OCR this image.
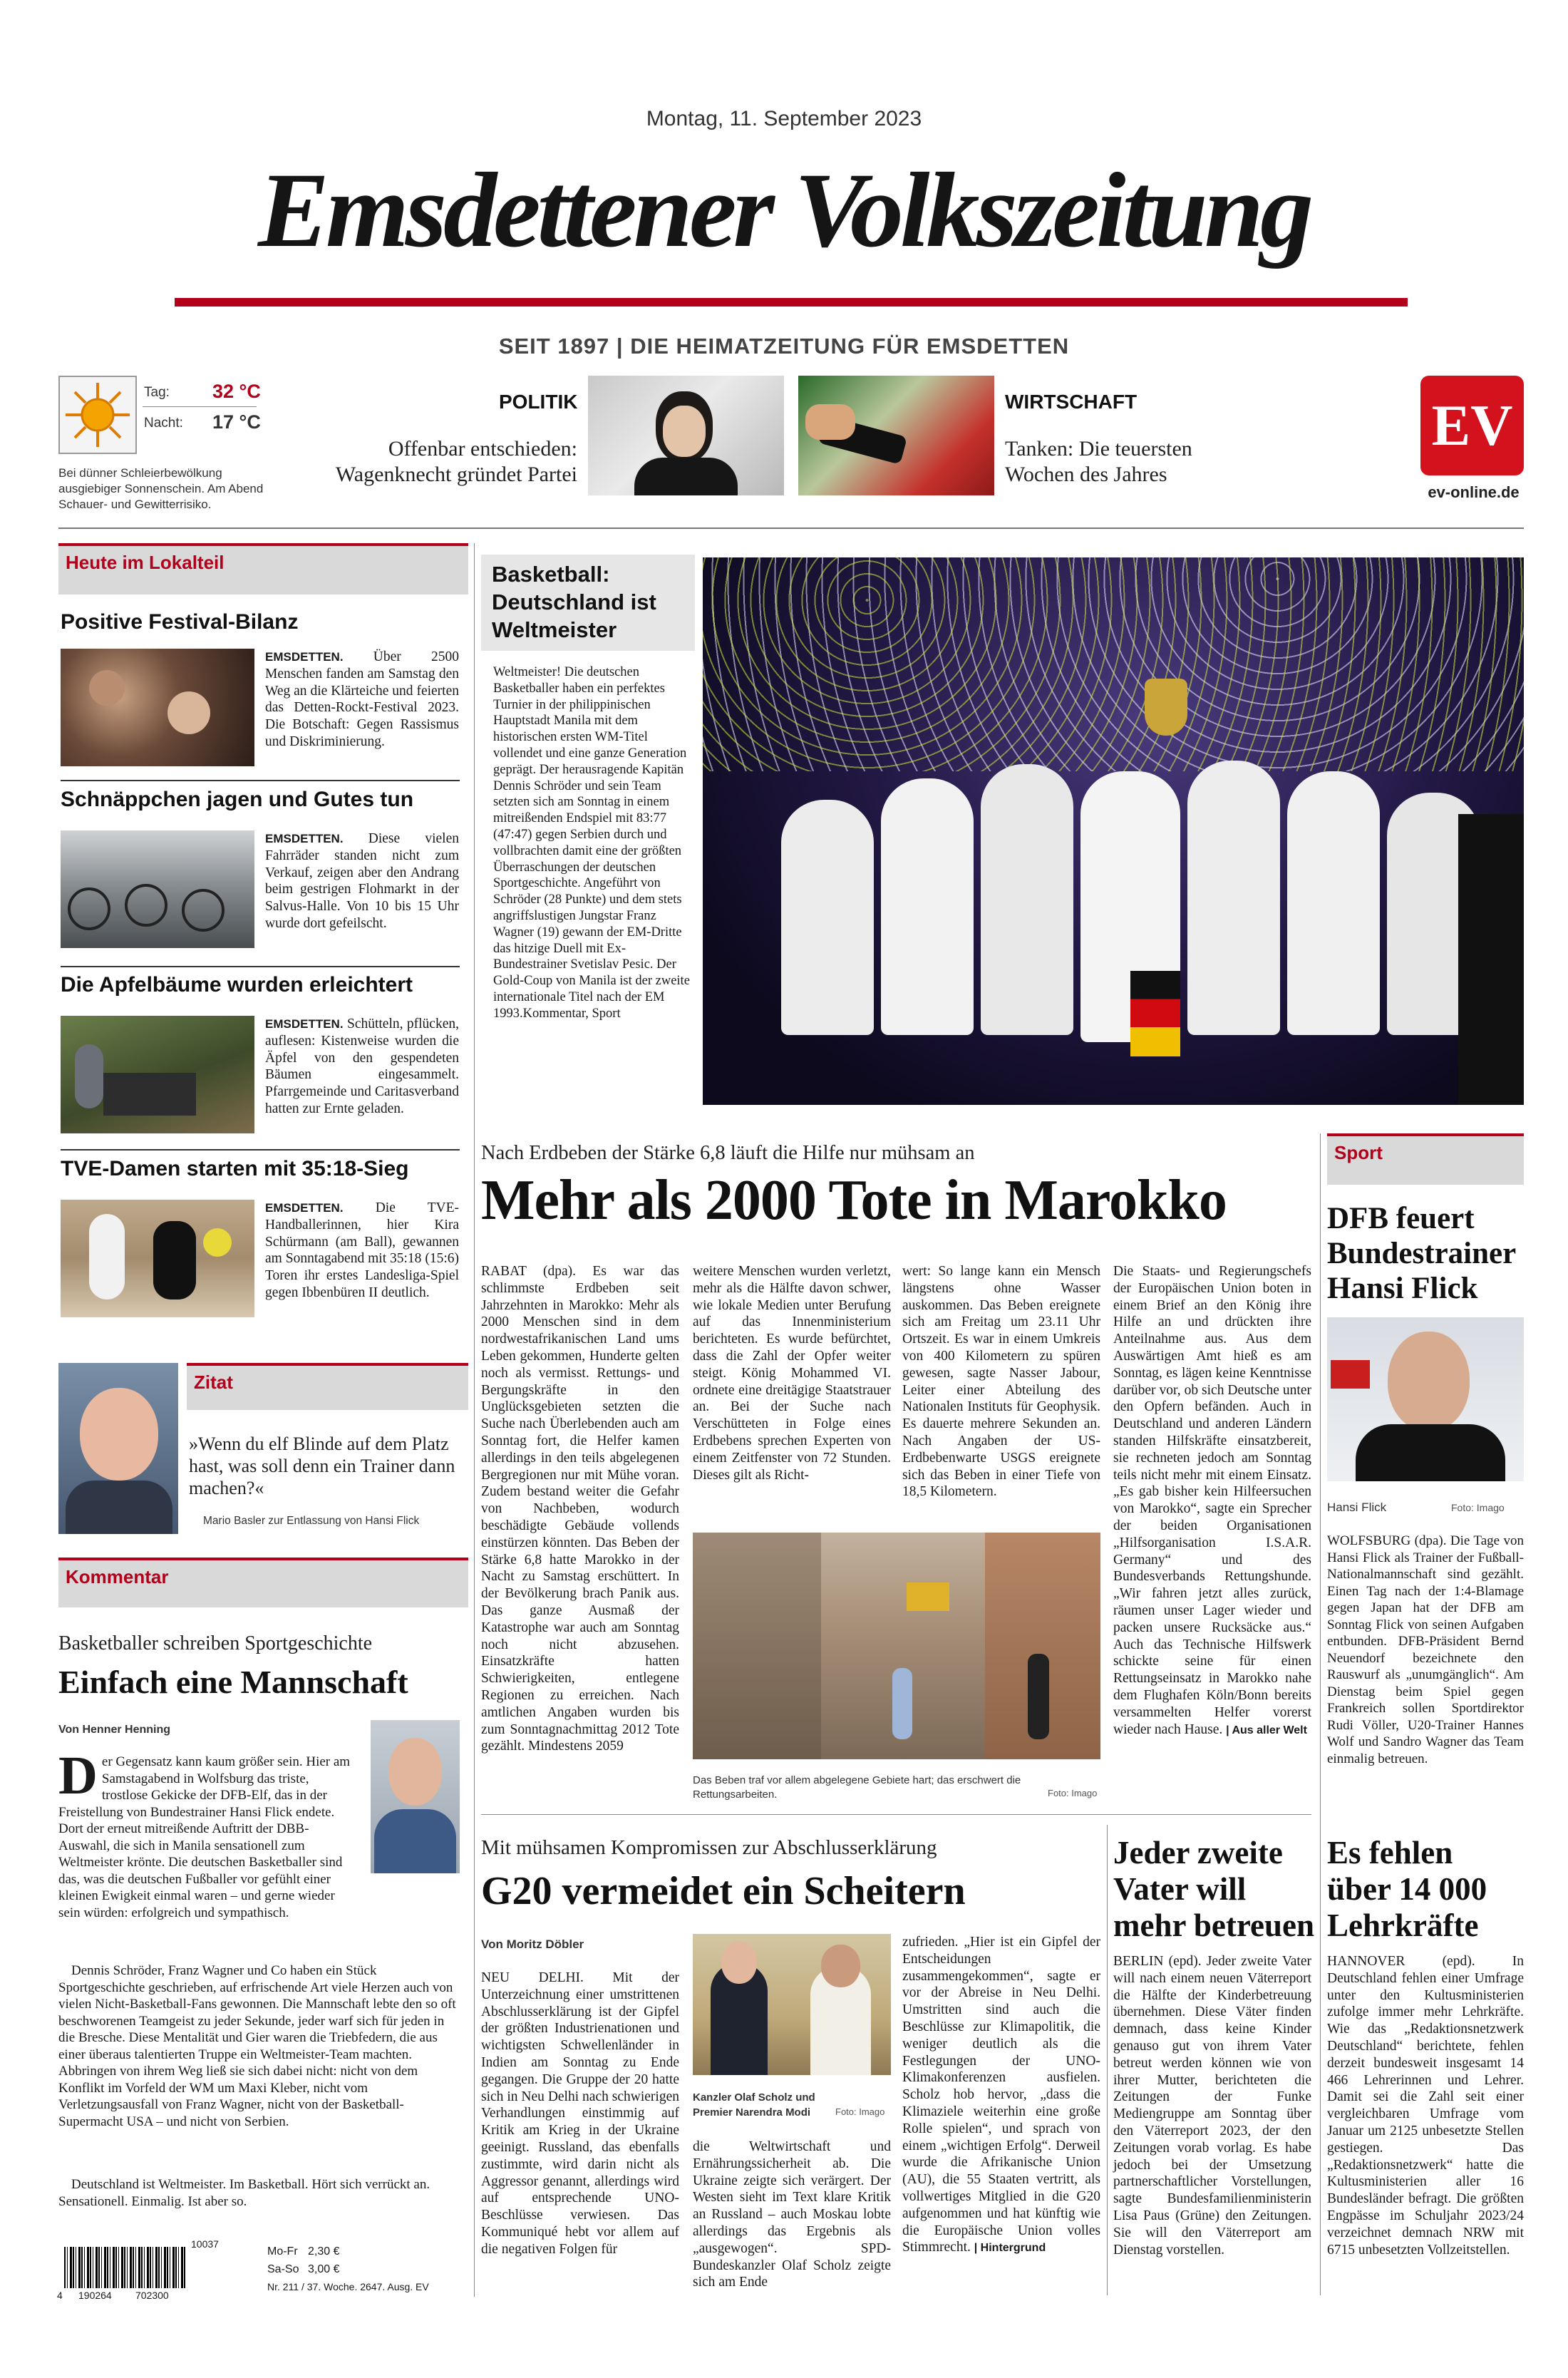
Montag, 11. September 2023
Emsdettener Volkszeitung
SEIT 1897 | DIE HEIMATZEITUNG FÜR EMSDETTEN
Tag: 32 °C
Nacht: 17 °C
Bei dünner Schleierbewölkung ausgiebiger Sonnenschein. Am Abend Schauer- und Gewitterrisiko.
POLITIK
Offenbar entschieden: Wagenknecht gründet Partei
WIRTSCHAFT
Tanken: Die teuersten Wochen des Jahres
EV
ev-online.de
Heute im Lokalteil
Positive Festival-Bilanz
EMSDETTEN. Über 2500 Menschen fanden am Samstag den Weg an die Klärteiche und feierten das Detten-Rockt-Festival 2023. Die Botschaft: Gegen Rassismus und Diskriminierung.
Schnäppchen jagen und Gutes tun
EMSDETTEN. Diese vielen Fahrräder standen nicht zum Verkauf, zeigen aber den Andrang beim gestrigen Flohmarkt in der Salvus-Halle. Von 10 bis 15 Uhr wurde dort gefeilscht.
Die Apfelbäume wurden erleichtert
EMSDETTEN. Schütteln, pflücken, auflesen: Kistenweise wurden die Äpfel von den gespendeten Bäumen eingesammelt. Pfarrgemeinde und Caritasverband hatten zur Ernte geladen.
TVE-Damen starten mit 35:18-Sieg
EMSDETTEN. Die TVE-Handballerinnen, hier Kira Schürmann (am Ball), gewannen am Sonntagabend mit 35:18 (15:6) Toren ihr erstes Landesliga-Spiel gegen Ibbenbüren II deutlich.
Zitat
»Wenn du elf Blinde auf dem Platz hast, was soll denn ein Trainer dann machen?«
Mario Basler zur Entlassung von Hansi Flick
Kommentar
Basketballer schreiben Sportgeschichte
Einfach eine Mannschaft
Von Henner Henning
Der Gegensatz kann kaum größer sein. Hier am Samstagabend in Wolfsburg das triste, trostlose Gekicke der DFB-Elf, das in der Freistellung von Bundestrainer Hansi Flick endete. Dort der erneut mitreißende Auftritt der DBB-Auswahl, die sich in Manila sensationell zum Weltmeister krönte. Die deutschen Basketballer sind das, was die deutschen Fußballer vor gefühlt einer kleinen Ewigkeit einmal waren – und gerne wieder sein würden: erfolgreich und sympathisch.
Dennis Schröder, Franz Wagner und Co haben ein Stück Sportgeschichte geschrieben, auf erfrischende Art viele Herzen auch von vielen Nicht-Basketball-Fans gewonnen. Die Mannschaft lebte den so oft beschworenen Teamgeist zu jeder Sekunde, jeder warf sich für jeden in die Bresche. Diese Mentalität und Gier waren die Triebfedern, die aus einer überaus talentierten Truppe ein Weltmeister-Team machten. Abbringen von ihrem Weg ließ sie sich dabei nicht: nicht von dem Konflikt im Vorfeld der WM um Maxi Kleber, nicht vom Verletzungsausfall von Franz Wagner, nicht von der Basketball-Supermacht USA – und nicht von Serbien.
Deutschland ist Weltmeister. Im Basketball. Hört sich verrückt an. Sensationell. Einmalig. Ist aber so.
10037
4 190264 702300
Mo-Fr 2,30 €
Sa-So 3,00 €
Nr. 211 / 37. Woche. 2647. Ausg. EV
Basketball: Deutschland ist Weltmeister
Weltmeister! Die deutschen Basketballer haben ein perfektes Turnier in der philippinischen Hauptstadt Manila mit dem historischen ersten WM-Titel vollendet und eine ganze Generation geprägt. Der herausragende Kapitän Dennis Schröder und sein Team setzten sich am Sonntag in einem mitreißenden Endspiel mit 83:77 (47:47) gegen Serbien durch und vollbrachten damit eine der größten Überraschungen der deutschen Sportgeschichte. Angeführt von Schröder (28 Punkte) und dem stets angriffslustigen Jungstar Franz Wagner (19) gewann der EM-Dritte das hitzige Duell mit Ex-Bundestrainer Svetislav Pesic. Der Gold-Coup von Manila ist der zweite internationale Titel nach der EM 1993.Kommentar, Sport
Nach Erdbeben der Stärke 6,8 läuft die Hilfe nur mühsam an
Mehr als 2000 Tote in Marokko
RABAT (dpa). Es war das schlimmste Erdbeben seit Jahrzehnten in Marokko: Mehr als 2000 Menschen sind in dem nordwestafrikanischen Land ums Leben gekommen, Hunderte gelten noch als vermisst. Rettungs- und Bergungskräfte in den Unglücksgebieten setzten die Suche nach Überlebenden auch am Sonntag fort, die Helfer kamen allerdings in den teils abgelegenen Bergregionen nur mit Mühe voran. Zudem bestand weiter die Gefahr von Nachbeben, wodurch beschädigte Gebäude vollends einstürzen könnten. Das Beben der Stärke 6,8 hatte Marokko in der Nacht zu Samstag erschüttert. In der Bevölkerung brach Panik aus. Das ganze Ausmaß der Katastrophe war auch am Sonntag noch nicht abzusehen. Einsatzkräfte hatten Schwierigkeiten, entlegene Regionen zu erreichen. Nach amtlichen Angaben wurden bis zum Sonntagnachmittag 2012 Tote gezählt. Mindestens 2059
weitere Menschen wurden verletzt, mehr als die Hälfte davon schwer, wie lokale Medien unter Berufung auf das Innenministerium berichteten. Es wurde befürchtet, dass die Zahl der Opfer weiter steigt. König Mohammed VI. ordnete eine dreitägige Staatstrauer an. Bei der Suche nach Verschütteten in Folge eines Erdbebens sprechen Experten von einem Zeitfenster von 72 Stunden. Dieses gilt als Richt-
wert: So lange kann ein Mensch längstens ohne Wasser auskommen. Das Beben ereignete sich am Freitag um 23.11 Uhr Ortszeit. Es war in einem Umkreis von 400 Kilometern zu spüren gewesen, sagte Nasser Jabour, Leiter einer Abteilung des Nationalen Instituts für Geophysik. Es dauerte mehrere Sekunden an. Nach Angaben der US-Erdbebenwarte USGS ereignete sich das Beben in einer Tiefe von 18,5 Kilometern.
Das Beben traf vor allem abgelegene Gebiete hart; das erschwert die Rettungsarbeiten.	Foto: Imago
Die Staats- und Regierungschefs der Europäischen Union boten in einem Brief an den König ihre Hilfe an und drückten ihre Anteilnahme aus. Aus dem Auswärtigen Amt hieß es am Sonntag, es lägen keine Kenntnisse darüber vor, ob sich Deutsche unter den Opfern befänden. Auch in Deutschland und anderen Ländern standen Hilfskräfte einsatzbereit, sie rechneten jedoch am Sonntag teils nicht mehr mit einem Einsatz. „Es gab bisher kein Hilfeersuchen von Marokko“, sagte ein Sprecher der beiden Organisationen „Hilfsorganisation I.S.A.R. Germany“ und des Bundesverbands Rettungshunde. „Wir fahren jetzt alles zurück, räumen unser Lager wieder und packen unsere Rucksäcke aus.“ Auch das Technische Hilfswerk schickte seine für einen Rettungseinsatz in Marokko nahe dem Flughafen Köln/Bonn bereits versammelten Helfer vorerst wieder nach Hause. | Aus aller Welt
Sport
DFB feuert Bundestrainer Hansi Flick
Hansi Flick	Foto: Imago
WOLFSBURG (dpa). Die Tage von Hansi Flick als Trainer der Fußball-Nationalmannschaft sind gezählt. Einen Tag nach der 1:4-Blamage gegen Japan hat der DFB am Sonntag Flick von seinen Aufgaben entbunden. DFB-Präsident Bernd Neuendorf bezeichnete den Rauswurf als „unumgänglich“. Am Dienstag beim Spiel gegen Frankreich sollen Sportdirektor Rudi Völler, U20-Trainer Hannes Wolf und Sandro Wagner das Team einmalig betreuen.
Mit mühsamen Kompromissen zur Abschlusserklärung
G20 vermeidet ein Scheitern
Von Moritz Döbler
NEU DELHI. Mit der Unterzeichnung einer umstrittenen Abschlusserklärung ist der Gipfel der größten Industrienationen und wichtigsten Schwellenländer in Indien am Sonntag zu Ende gegangen. Die Gruppe der 20 hatte sich in Neu Delhi nach schwierigen Verhandlungen einstimmig auf Kritik am Krieg in der Ukraine geeinigt. Russland, das ebenfalls zustimmte, wird darin nicht als Aggressor genannt, allerdings wird auf entsprechende UNO-Beschlüsse verwiesen. Das Kommuniqué hebt vor allem auf die negativen Folgen für
Kanzler Olaf Scholz und Premier Narendra Modi	Foto: Imago
die Weltwirtschaft und Ernährungssicherheit ab. Die Ukraine zeigte sich verärgert. Der Westen sieht im Text klare Kritik an Russland – auch Moskau lobte allerdings das Ergebnis als „ausgewogen“. SPD-Bundeskanzler Olaf Scholz zeigte sich am Ende
zufrieden. „Hier ist ein Gipfel der Entscheidungen zusammengekommen“, sagte er vor der Abreise in Neu Delhi. Umstritten sind auch die Beschlüsse zur Klimapolitik, die weniger deutlich als die Festlegungen der UNO-Klimakonferenzen ausfielen. Scholz hob hervor, „dass die Klimaziele weiterhin eine große Rolle spielen“, und sprach von einem „wichtigen Erfolg“. Derweil wurde die Afrikanische Union (AU), die 55 Staaten vertritt, als vollwertiges Mitglied in die G20 aufgenommen und hat künftig wie die Europäische Union volles Stimmrecht. | Hintergrund
Jeder zweite Vater will mehr betreuen
BERLIN (epd). Jeder zweite Vater will nach einem neuen Väterreport die Hälfte der Kinderbetreuung übernehmen. Diese Väter finden demnach, dass keine Kinder genauso gut von ihrem Vater betreut werden können wie von ihrer Mutter, berichteten die Zeitungen der Funke Mediengruppe am Sonntag über den Väterreport 2023, der den Zeitungen vorab vorlag. Es habe jedoch bei der Umsetzung partnerschaftlicher Vorstellungen, sagte Bundesfamilienministerin Lisa Paus (Grüne) den Zeitungen. Sie will den Väterreport am Dienstag vorstellen.
Es fehlen über 14 000 Lehrkräfte
HANNOVER (epd). In Deutschland fehlen einer Umfrage unter den Kultusministerien zufolge immer mehr Lehrkräfte. Wie das „Redaktionsnetzwerk Deutschland“ berichtete, fehlen derzeit bundesweit insgesamt 14 466 Lehrerinnen und Lehrer. Damit sei die Zahl seit einer vergleichbaren Umfrage vom Januar um 2125 unbesetzte Stellen gestiegen. Das „Redaktionsnetzwerk“ hatte die Kultusministerien aller 16 Bundesländer befragt. Die größten Engpässe im Schuljahr 2023/24 verzeichnet demnach NRW mit 6715 unbesetzten Vollzeitstellen.
